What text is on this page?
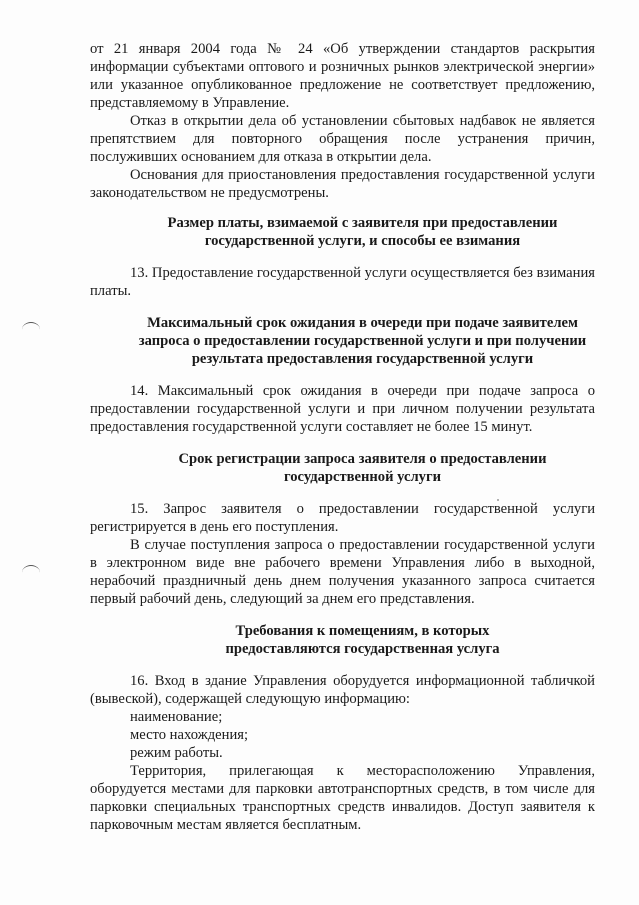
от 21 января 2004 года № 24 «Об утверждении стандартов раскрытия информации субъектами оптового и розничных рынков электрической энергии» или указанное опубликованное предложение не соответствует предложению, представляемому в Управление.

Отказ в открытии дела об установлении сбытовых надбавок не является препятствием для повторного обращения после устранения причин, послуживших основанием для отказа в открытии дела.

Основания для приостановления предоставления государственной услуги законодательством не предусмотрены.

Размер платы, взимаемой с заявителя при предоставлении
государственной услуги, и способы ее взимания

13. Предоставление государственной услуги осуществляется без взимания платы.

Максимальный срок ожидания в очереди при подаче заявителем
запроса о предоставлении государственной услуги и при получении
результата предоставления государственной услуги

14. Максимальный срок ожидания в очереди при подаче запроса о предоставлении государственной услуги и при личном получении результата предоставления государственной услуги составляет не более 15 минут.

Срок регистрации запроса заявителя о предоставлении
государственной услуги

15. Запрос заявителя о предоставлении государственной услуги регистрируется в день его поступления.

В случае поступления запроса о предоставлении государственной услуги в электронном виде вне рабочего времени Управления либо в выходной, нерабочий праздничный день днем получения указанного запроса считается первый рабочий день, следующий за днем его представления.

Требования к помещениям, в которых
предоставляются государственная услуга

16. Вход в здание Управления оборудуется информационной табличкой (вывеской), содержащей следующую информацию:

наименование;

место нахождения;

режим работы.

Территория, прилегающая к месторасположению Управления, оборудуется местами для парковки автотранспортных средств, в том числе для парковки специальных транспортных средств инвалидов. Доступ заявителя к парковочным местам является бесплатным.
